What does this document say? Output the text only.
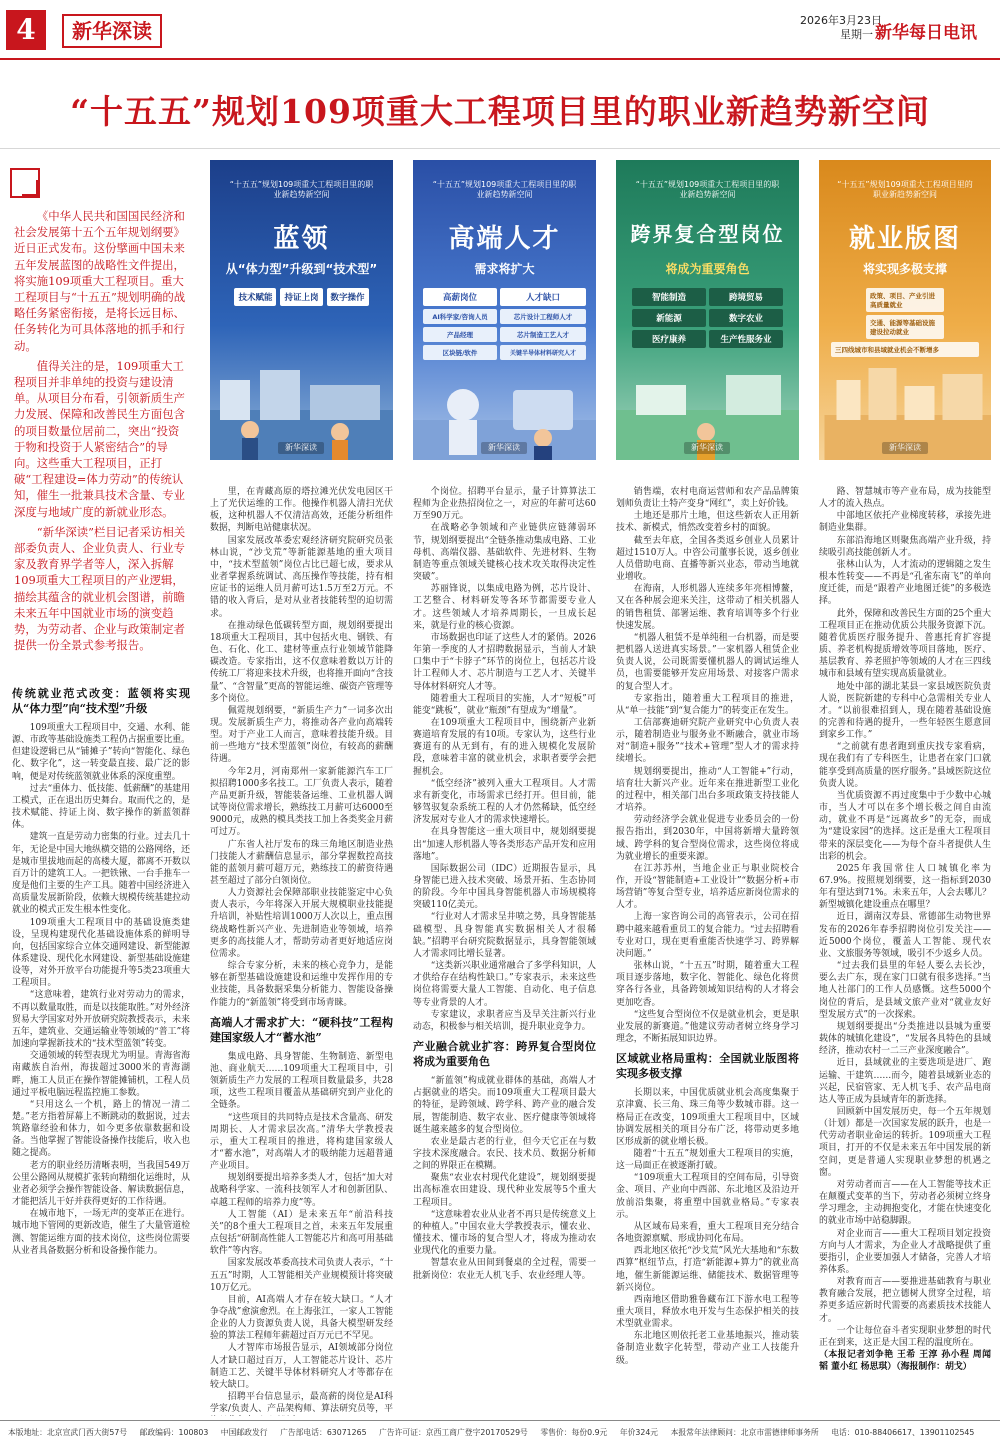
4	新华深读	2026年3月23日
星期一 新华每日电讯
“十五五”规划109项重大工程项目里的职业新趋势新空间

《中华人民共和国国民经济和社会发展第十五个五年规划纲要》近日正式发布。这份擘画中国未来五年发展蓝图的战略性文件提出，将实施109项重大工程项目。重大工程项目与“十五五”规划明确的战略任务紧密衔接，是将长远目标、任务转化为可具体落地的抓手和行动。

值得关注的是，109项重大工程项目并非单纯的投资与建设清单。从项目分布看，引领新质生产力发展、保障和改善民生方面包含的项目数量位居前二，突出“投资于物和投资于人紧密结合”的导向。这些重大工程项目，正打破“工程建设=体力劳动”的传统认知，催生一批兼具技术含量、专业深度与地域广度的新就业形态。

“新华深读”栏目记者采访相关部委负责人、企业负责人、行业专家及教育界学者等人，深入拆解109项重大工程项目的产业逻辑，描绘其蕴含的就业机会图谱，前瞻未来五年中国就业市场的演变趋势，为劳动者、企业与政策制定者提供一份全景式参考报告。

“十五五”规划109项重大工程项目里的职业新趋势新空间
蓝领
从“体力型”升级到“技术型”
技术赋能	持证上岗	数字操作
新华深读
“十五五”规划109项重大工程项目里的职业新趋势新空间
高端人才
需求将扩大
高薪岗位	人才缺口
AI科学家/咨询人员	芯片设计工程师人才
产品经理	芯片制造工艺人才
区块链/软件	关键半导体材料研究人才
新华深读
“十五五”规划109项重大工程项目里的职业新趋势新空间
跨界复合型岗位
将成为重要角色
智能制造	跨境贸易
新能源	数字农业
医疗康养	生产性服务业
新华深读
“十五五”规划109项重大工程项目里的职业新趋势新空间
就业版图
将实现多极支撑
政策、项目、产业引进高质量就业
交通、能源等基础设施建设拉动就业
三四线城市和县域就业机会不断增多
新华深读
传统就业范式改变：蓝领将实现从“体力型”向“技术型”升级

109项重大工程项目中，交通、水利、能源、市政等基础设施类工程仍占据重要比重。但建设逻辑已从“铺摊子”转向“智能化、绿色化、数字化”，这一转变最直接、最广泛的影响，便是对传统蓝领就业体系的深度重塑。

过去“重体力、低技能、低薪酬”的基建用工模式，正在退出历史舞台。取而代之的，是技术赋能、持证上岗、数字操作的新蓝领群体。

建筑一直是劳动力密集的行业。过去几十年，无论是中国大地纵横交错的公路网络，还是城市里拔地而起的高楼大厦，都离不开数以百万计的建筑工人。一把铁锹、一台手推车一度是他们主要的生产工具。随着中国经济进入高质量发展新阶段，依赖大规模传统基建拉动就业的模式正发生根本性变化。

109项重大工程项目中的基础设施类建设，呈现构建现代化基础设施体系的鲜明导向，包括国家综合立体交通网建设、新型能源体系建设、现代化水网建设、新型基础设施建设等，对外开放平台功能提升等5类23项重大工程项目。

“这意味着，建筑行业对劳动力的需求，不再以数量取胜，而是以技能取胜。”对外经济贸易大学国家对外开放研究院教授表示，未来五年，建筑业、交通运输业等领域的“普工”将加速向掌握新技术的“技术型蓝领”转变。

交通领域的转型表现尤为明显。青海省海南藏族自治州，海拔超过3000米的青海湖畔，施工人员正在操作智能摊铺机，工程人员通过平板电脑远程监控施工参数。

“只用这么一个机，路上的情况一清二楚。”老方指着屏幕上不断跳动的数据说，过去筑路靠经验和体力，如今更多依靠数据和设备。当他掌握了智能设备操作技能后，收入也随之提高。

老方的职业经历清晰表明，当我国549万公里公路网从规模扩张转向精细化运维时，从业者必须学会操作智能设备、解读数据信息，才能把活儿干好并获得更好的工作待遇。

在城市地下，一场无声的变革正在进行。城市地下管网的更新改造，催生了大量管道检测、智能运维方面的技术岗位，这些岗位需要从业者具备数据分析和设备操作能力。

里，在青藏高原的塔拉滩光伏发电园区干上了光伏运维的工作。他操作机器人清扫光伏板，这种机器人不仅清洁高效，还能分析组件数据，判断电站健康状况。

国家发展改革委宏观经济研究院研究员张林山说，“沙戈荒”等新能源基地的重大项目中，“技术型蓝领”岗位占比已超七成，要求从业者掌握系统调试、高压操作等技能，持有相应证书的运维人员月薪可达1.5万至2万元。不错的收入背后，是对从业者技能转型的迫切需求。

在推动绿色低碳转型方面，规划纲要提出18项重大工程项目，其中包括火电、钢铁、有色、石化、化工、建材等重点行业领域节能降碳改造。专家指出，这不仅意味着数以万计的传统工厂将迎来技术升级，也将推开面向“含技量”、“含智量”更高的智能运维、碳资产管理等多个岗位。

佩霓规划纲要，“新质生产力”一词多次出现。发展新质生产力，将推动各产业向高端转型。对于产业工人而言，意味着技能升级。目前一些地方“技术型蓝领”岗位，有较高的薪酬待遇。

今年2月，河南郑州一家新能源汽车工厂拟招聘1000多名技工。工厂负责人表示，随着产品更新升级，智能装备运维、工业机器人调试等岗位需求增长，熟练技工月薪可达6000至9000元，成熟的模具类技工加上各类奖金月薪可过万。

广东省人社厅发布的珠三角地区制造业热门技能人才薪酬信息显示，部分掌握数控高技能的蓝领月薪可超万元，熟练技工的薪资待遇甚至超过了部分白领岗位。

人力资源社会保障部职业技能鉴定中心负责人表示，今年将深入开展大规模职业技能提升培训，补贴性培训1000万人次以上，重点围绕战略性新兴产业、先进制造业等领域，培养更多的高技能人才，帮助劳动者更好地适应岗位需求。

综合专家分析，未来的核心竞争力，是能够在新型基础设施建设和运维中发挥作用的专业技能，具备数据采集分析能力、智能设备操作能力的“新蓝领”将受到市场青睐。

高端人才需求扩大：“硬科技”工程构建国家级人才“蓄水池”

集成电路、具身智能、生物制造、新型电池、商业航天……109项重大工程项目中，引领新质生产力发展的工程项目数量最多，共28项，这些工程项目覆盖从基础研究到产业化的全链条。

“这些项目的共同特点是技术含量高、研发周期长、人才需求层次高。”清华大学教授表示，重大工程项目的推进，将构建国家级人才“蓄水池”，对高端人才的吸纳能力远超普通产业项目。

规划纲要提出培养多类人才，包括“加大对战略科学家、一流科技领军人才和创新团队、卓越工程师的培养力度”等。

人工智能（AI）是未来五年“前沿科技关”的8个重大工程项目之首，未来五年发展重点包括“研制高性能人工智能芯片和高可用基础软件”等内容。

国家发展改革委高技术司负责人表示，“十五五”时期，人工智能相关产业规模预计将突破10万亿元。

目前，AI高端人才存在较大缺口。“人才争夺战”愈演愈烈。在上海张江，一家人工智能企业的人力资源负责人说，具备大模型研发经验的算法工程师年薪超过百万元已不罕见。

人才智库市场报告显示，AI领域部分岗位人才缺口超过百万，人工智能芯片设计、芯片制造工艺、关键半导体材料研究人才等都存在较大缺口。

招聘平台信息显示，最高薪的岗位是AI科学家/负责人、产品架构师、算法研究员等，平

个岗位。招聘平台显示，量子计算算法工程师为企业热招岗位之一，对应的年薪可达60万至90万元。

在战略必争领域和产业链供应链薄弱环节，规划纲要提出“全链条推动集成电路、工业母机、高端仪器、基础软件、先进材料、生物制造等重点领域关键核心技术攻关取得决定性突破”。

苏丽锋说，以集成电路为例，芯片设计、工艺整合、材料研发等各环节都需要专业人才。这些领域人才培养周期长，一旦成长起来，就是行业的核心资源。

市场数据也印证了这些人才的紧俏。2026年第一季度的人才招聘数据显示，当前人才缺口集中于“卡脖子”环节的岗位上，包括芯片设计工程师人才、芯片制造与工艺人才、关键半导体材料研究人才等。

随着重大工程项目的实施，人才“短板”可能变“跳板”，就业“瓶颈”有望成为“增量”。

在109项重大工程项目中，围绕新产业新赛道培育发展的有10项。专家认为，这些行业赛道有的从无到有，有的进入规模化发展阶段，意味着丰富的就业机会，求职者要学会把握机会。

“低空经济”被列入重大工程项目。人才需求有新变化，市场需求已经打开。但目前，能够驾驭复杂系统工程的人才仍然稀缺，低空经济发展对专业人才的需求快速增长。

在具身智能这一重大项目中，规划纲要提出“加速人形机器人等各类形态产品开发和应用落地”。

国际数据公司（IDC）近期报告显示，具身智能已进入技术突破、场景开拓、生态协同的阶段。今年中国具身智能机器人市场规模将突破110亿美元。

“行业对人才需求呈井喷之势，具身智能基础模型、具身智能真实数据相关人才很稀缺。”招聘平台研究院数据显示，具身智能领域人才需求同比增长显著。

“这类新兴职业通常融合了多学科知识，人才供给存在结构性缺口。”专家表示，未来这些岗位将需要大量人工智能、自动化、电子信息等专业背景的人才。

专家建议，求职者应当及早关注新兴行业动态，积极参与相关培训，提升职业竞争力。

产业融合就业扩容：跨界复合型岗位将成为重要角色

“新蓝领”构成就业群体的基础，高端人才占据就业的塔尖。而109项重大工程项目最大的特征，是跨领域、跨学科、跨产业的融合发展，智能制造、数字农业、医疗健康等领域将诞生越来越多的复合型岗位。

农业是最古老的行业，但今天它正在与数字技术深度融合。农民、技术员、数据分析师之间的界限正在模糊。

聚焦“农业农村现代化建设”，规划纲要提出高标准农田建设、现代种业发展等5个重大工程项目。

“这意味着农业从业者不再只是传统意义上的种植人。”中国农业大学教授表示，懂农业、懂技术、懂市场的复合型人才，将成为推动农业现代化的重要力量。

智慧农业从田间到餐桌的全过程，需要一批新岗位：农业无人机飞手、农业经理人等。

销售端，农村电商运营师和农产品品牌策划师负责让土特产变身“网红”，卖上好价钱。

土地还是那片土地，但这些新农人正用新技术、新模式，悄然改变着乡村的面貌。

截至去年底，全国各类返乡创业人员累计超过1510万人。中咨公司董事长说，返乡创业人员借助电商、直播等新兴业态，带动当地就业增收。

在海南，人形机器人连续多年亮相博鳌，又在各种展会迎来关注，这带动了相关机器人的销售租赁、部署运维、教育培训等多个行业快速发展。

“机器人租赁不是单纯租一台机器，而是要把机器人送进真实场景。”一家机器人租赁企业负责人说，公司既需要懂机器人的调试运维人员，也需要能够开发应用场景、对接客户需求的复合型人才。

专家指出，随着重大工程项目的推进，从“单一技能”到“复合能力”的转变正在发生。

工信部赛迪研究院产业研究中心负责人表示，随着制造业与服务业不断融合，就业市场对“制造+服务”“技术+管理”型人才的需求持续增长。

规划纲要提出，推动“人工智能+”行动，培育壮大新兴产业。近年来在推进新型工业化的过程中，相关部门出台多项政策支持技能人才培养。

劳动经济学会就业促进专业委员会的一份报告指出，到2030年，中国将新增大量跨领域、跨学科的复合型岗位需求，这些岗位将成为就业增长的重要来源。

在江苏苏州，当地企业正与职业院校合作，开设“智能制造+工业设计”“数据分析+市场营销”等复合型专业，培养适应新岗位需求的人才。

上海一家咨询公司的高管表示，公司在招聘中越来越看重员工的复合能力。“过去招聘看专业对口，现在更看重能否快速学习、跨界解决问题。”

张林山说，“十五五”时期，随着重大工程项目逐步落地，数字化、智能化、绿色化将贯穿各行各业，具备跨领域知识结构的人才将会更加吃香。

“这些复合型岗位不仅是就业机会，更是职业发展的新赛道。”他建议劳动者树立终身学习理念，不断拓展知识边界。

区域就业格局重构：全国就业版图将实现多极支撑

长期以来，中国优质就业机会高度集聚于京津冀、长三角、珠三角等少数城市群。这一格局正在改变，109项重大工程项目中，区域协调发展相关的项目分布广泛，将带动更多地区形成新的就业增长极。

随着“十五五”规划重大工程项目的实施，这一局面正在被逐渐打破。

“109项重大工程项目的空间布局，引导资金、项目、产业向中西部、东北地区及沿边开放前沿集聚，将重塑中国就业格局。”专家表示。

从区域布局来看，重大工程项目充分结合各地资源禀赋、形成协同化布局。

西北地区依托“沙戈荒”风光大基地和“东数西算”枢纽节点，打造“新能源+算力”的就业高地，催生新能源运维、储能技术、数据管理等新兴岗位。

西南地区借助雅鲁藏布江下游水电工程等重大项目，释放水电开发与生态保护相关的技术型就业需求。

东北地区则依托老工业基地振兴，推动装备制造业数字化转型，带动产业工人技能升级。

路、智慧城市等产业布局，成为技能型人才的流入热点。

中部地区依托产业梯度转移，承接先进制造业集群。

东部沿海地区则聚焦高端产业升级，持续吸引高技能创新人才。

张林山认为，人才流动的逻辑随之发生根本性转变——不再是“孔雀东南飞”的单向度迁徙，而是“跟着产业地图迁徙”的多极选择。

此外，保障和改善民生方面的25个重大工程项目正在推动优质公共服务资源下沉。随着优质医疗服务提升、普惠托育扩容提质、养老机构提质增效等项目落地，医疗、基层教育、养老照护等领域的人才在三四线城市和县域有望实现高质量就业。

地处中部的湖北某县一家县域医院负责人说，医院新建的专科中心急需相关专业人才。“以前很难招到人，现在随着基础设施的完善和待遇的提升，一些年轻医生愿意回到家乡工作。”

“之前就有患者跑到重庆找专家看病，现在我们有了专科医生，让患者在家门口就能享受到高质量的医疗服务。”县域医院这位负责人说。

当优质资源不再过度集中于少数中心城市，当人才可以在多个增长极之间自由流动，就业不再是“远离故乡”的无奈，而成为“建设家园”的选择。这正是重大工程项目带来的深层变化——为每个奋斗者提供人生出彩的机会。

2025年我国常住人口城镇化率为67.9%。按照规划纲要，这一指标到2030年有望达到71%。未来五年，人会去哪儿？新型城镇化建设重点在哪里？

近日，湖南汉寿县、常德部生动物世界发布的2026年春季招聘岗位引发关注——近5000个岗位，覆盖人工智能、现代农业、文旅服务等领域，吸引不少返乡人员。

“过去我们县里的年轻人要么去长沙，要么去广东，现在家门口就有很多选择。”当地人社部门的工作人员感慨。这些5000个岗位的背后，是县域文旅产业对“就业友好型发展方式”的一次探索。

规划纲要提出“分类推进以县城为重要载体的城镇化建设”，“发展各具特色的县域经济，推动农村一二三产业深度融合”。

近日，县域就业的主要选项是进厂、跑运输、干建筑……而今，随着县域新业态的兴起，民宿管家、无人机飞手、农产品电商达人等正成为县域青年的新选择。

回顾新中国发展历史，每一个五年规划（计划）都是一次国家发展的跃升，也是一代劳动者职业命运的转折。109项重大工程项目，打开的不仅是未来五年中国发展的新空间，更是普通人实现职业梦想的机遇之窗。

对劳动者而言——在人工智能等技术正在颠覆式变革的当下，劳动者必须树立终身学习理念，主动拥抱变化，才能在快速变化的就业市场中站稳脚跟。

对企业而言——重大工程项目划定投资方向与人才需求，为企业人才战略提供了重要指引，企业要加强人才储备，完善人才培养体系。

对教育而言——要推进基础教育与职业教育融合发展，把立德树人贯穿全过程，培养更多适应新时代需要的高素质技术技能人才。

一个让每位奋斗者实现职业梦想的时代正在到来，这正是大国工程的温度所在。

（本报记者刘争艳 王希 王淳 孙小程 周闻韬 董小红 杨思琪）（海报制作：胡戈）

本版地址：北京宣武门西大街57号 邮政编码：100803 中国邮政发行 广告部电话：63071265 广告许可证：京西工商广登字20170529号 零售价：每份0.9元 年价324元 本报常年法律顾问：北京市雷德律师事务所 电话：010-88406617、13901102545
